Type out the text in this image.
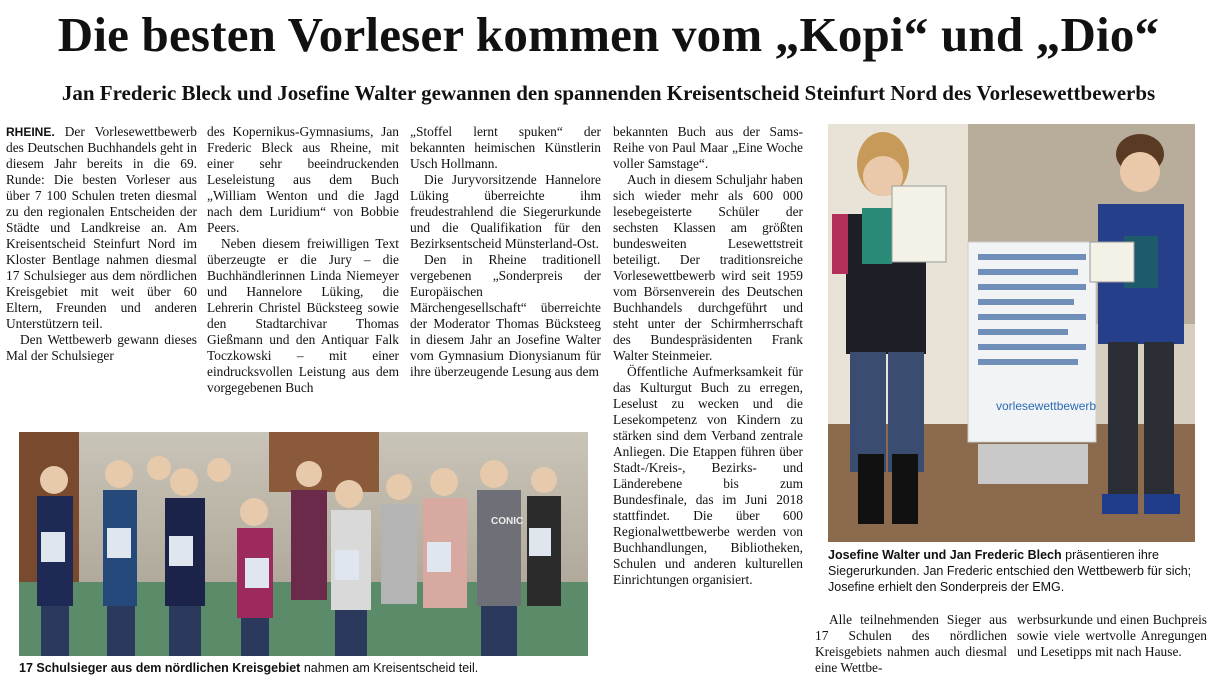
Die besten Vorleser kommen vom „Kopi“ und „Dio“
Jan Frederic Bleck und Josefine Walter gewannen den spannenden Kreisentscheid Steinfurt Nord des Vorlesewettbewerbs

RHEINE. Der Vorlesewettbewerb des Deutschen Buchhandels geht in diesem Jahr bereits in die 69. Runde: Die besten Vorleser aus über 7 100 Schulen treten diesmal zu den regionalen Entscheiden der Städte und Landkreise an. Am Kreisentscheid Steinfurt Nord im Kloster Bentlage nahmen diesmal 17 Schulsieger aus dem nördlichen Kreisgebiet mit weit über 60 Eltern, Freunden und anderen Unterstützern teil.

Den Wettbewerb gewann dieses Mal der Schulsieger

des Kopernikus-Gymnasiums, Jan Frederic Bleck aus Rheine, mit einer sehr beeindruckenden Leseleistung aus dem Buch „William Wenton und die Jagd nach dem Luridium“ von Bobbie Peers.

Neben diesem freiwilligen Text überzeugte er die Jury – die Buchhändlerinnen Linda Niemeyer und Hannelore Lüking, die Lehrerin Christel Bücksteeg sowie den Stadtarchivar Thomas Gießmann und den Antiquar Falk Toczkowski – mit einer eindrucksvollen Leistung aus dem vorgegebenen Buch

„Stoffel lernt spuken“ der bekannten heimischen Künstlerin Usch Hollmann.

Die Juryvorsitzende Hannelore Lüking überreichte ihm freudestrahlend die Siegerurkunde und die Qualifikation für den Bezirksentscheid Münsterland-Ost.

Den in Rheine traditionell vergebenen „Sonderpreis der Europäischen Märchengesellschaft“ überreichte der Moderator Thomas Bücksteeg in diesem Jahr an Josefine Walter vom Gymnasium Dionysianum für ihre überzeugende Lesung aus dem

bekannten Buch aus der Sams-Reihe von Paul Maar „Eine Woche voller Samstage“.

Auch in diesem Schuljahr haben sich wieder mehr als 600 000 lesebegeisterte Schüler der sechsten Klassen am größten bundesweiten Lesewettstreit beteiligt. Der traditionsreiche Vorlesewettbewerb wird seit 1959 vom Börsenverein des Deutschen Buchhandels durchgeführt und steht unter der Schirmherrschaft des Bundespräsidenten Frank Walter Steinmeier.

Öffentliche Aufmerksamkeit für das Kulturgut Buch zu erregen, Leselust zu wecken und die Lesekompetenz von Kindern zu stärken sind dem Verband zentrale Anliegen. Die Etappen führen über Stadt-/Kreis-, Bezirks- und Länderebene bis zum Bundesfinale, das im Juni 2018 stattfindet. Die über 600 Regionalwettbewerbe werden von Buchhandlungen, Bibliotheken, Schulen und anderen kulturellen Einrichtungen organisiert.

CONIC
17 Schulsieger aus dem nördlichen Kreisgebiet nahmen am Kreisentscheid teil.
vorlesewettbewerb
Josefine Walter und Jan Frederic Blech präsentieren ihre Siegerurkunden. Jan Frederic entschied den Wettbewerb für sich; Josefine erhielt den Sonderpreis der EMG.

Alle teilnehmenden Sieger aus 17 Schulen des nördlichen Kreisgebiets nahmen auch diesmal eine Wettbe-

werbsurkunde und einen Buchpreis sowie viele wertvolle Anregungen und Lesetipps mit nach Hause.
